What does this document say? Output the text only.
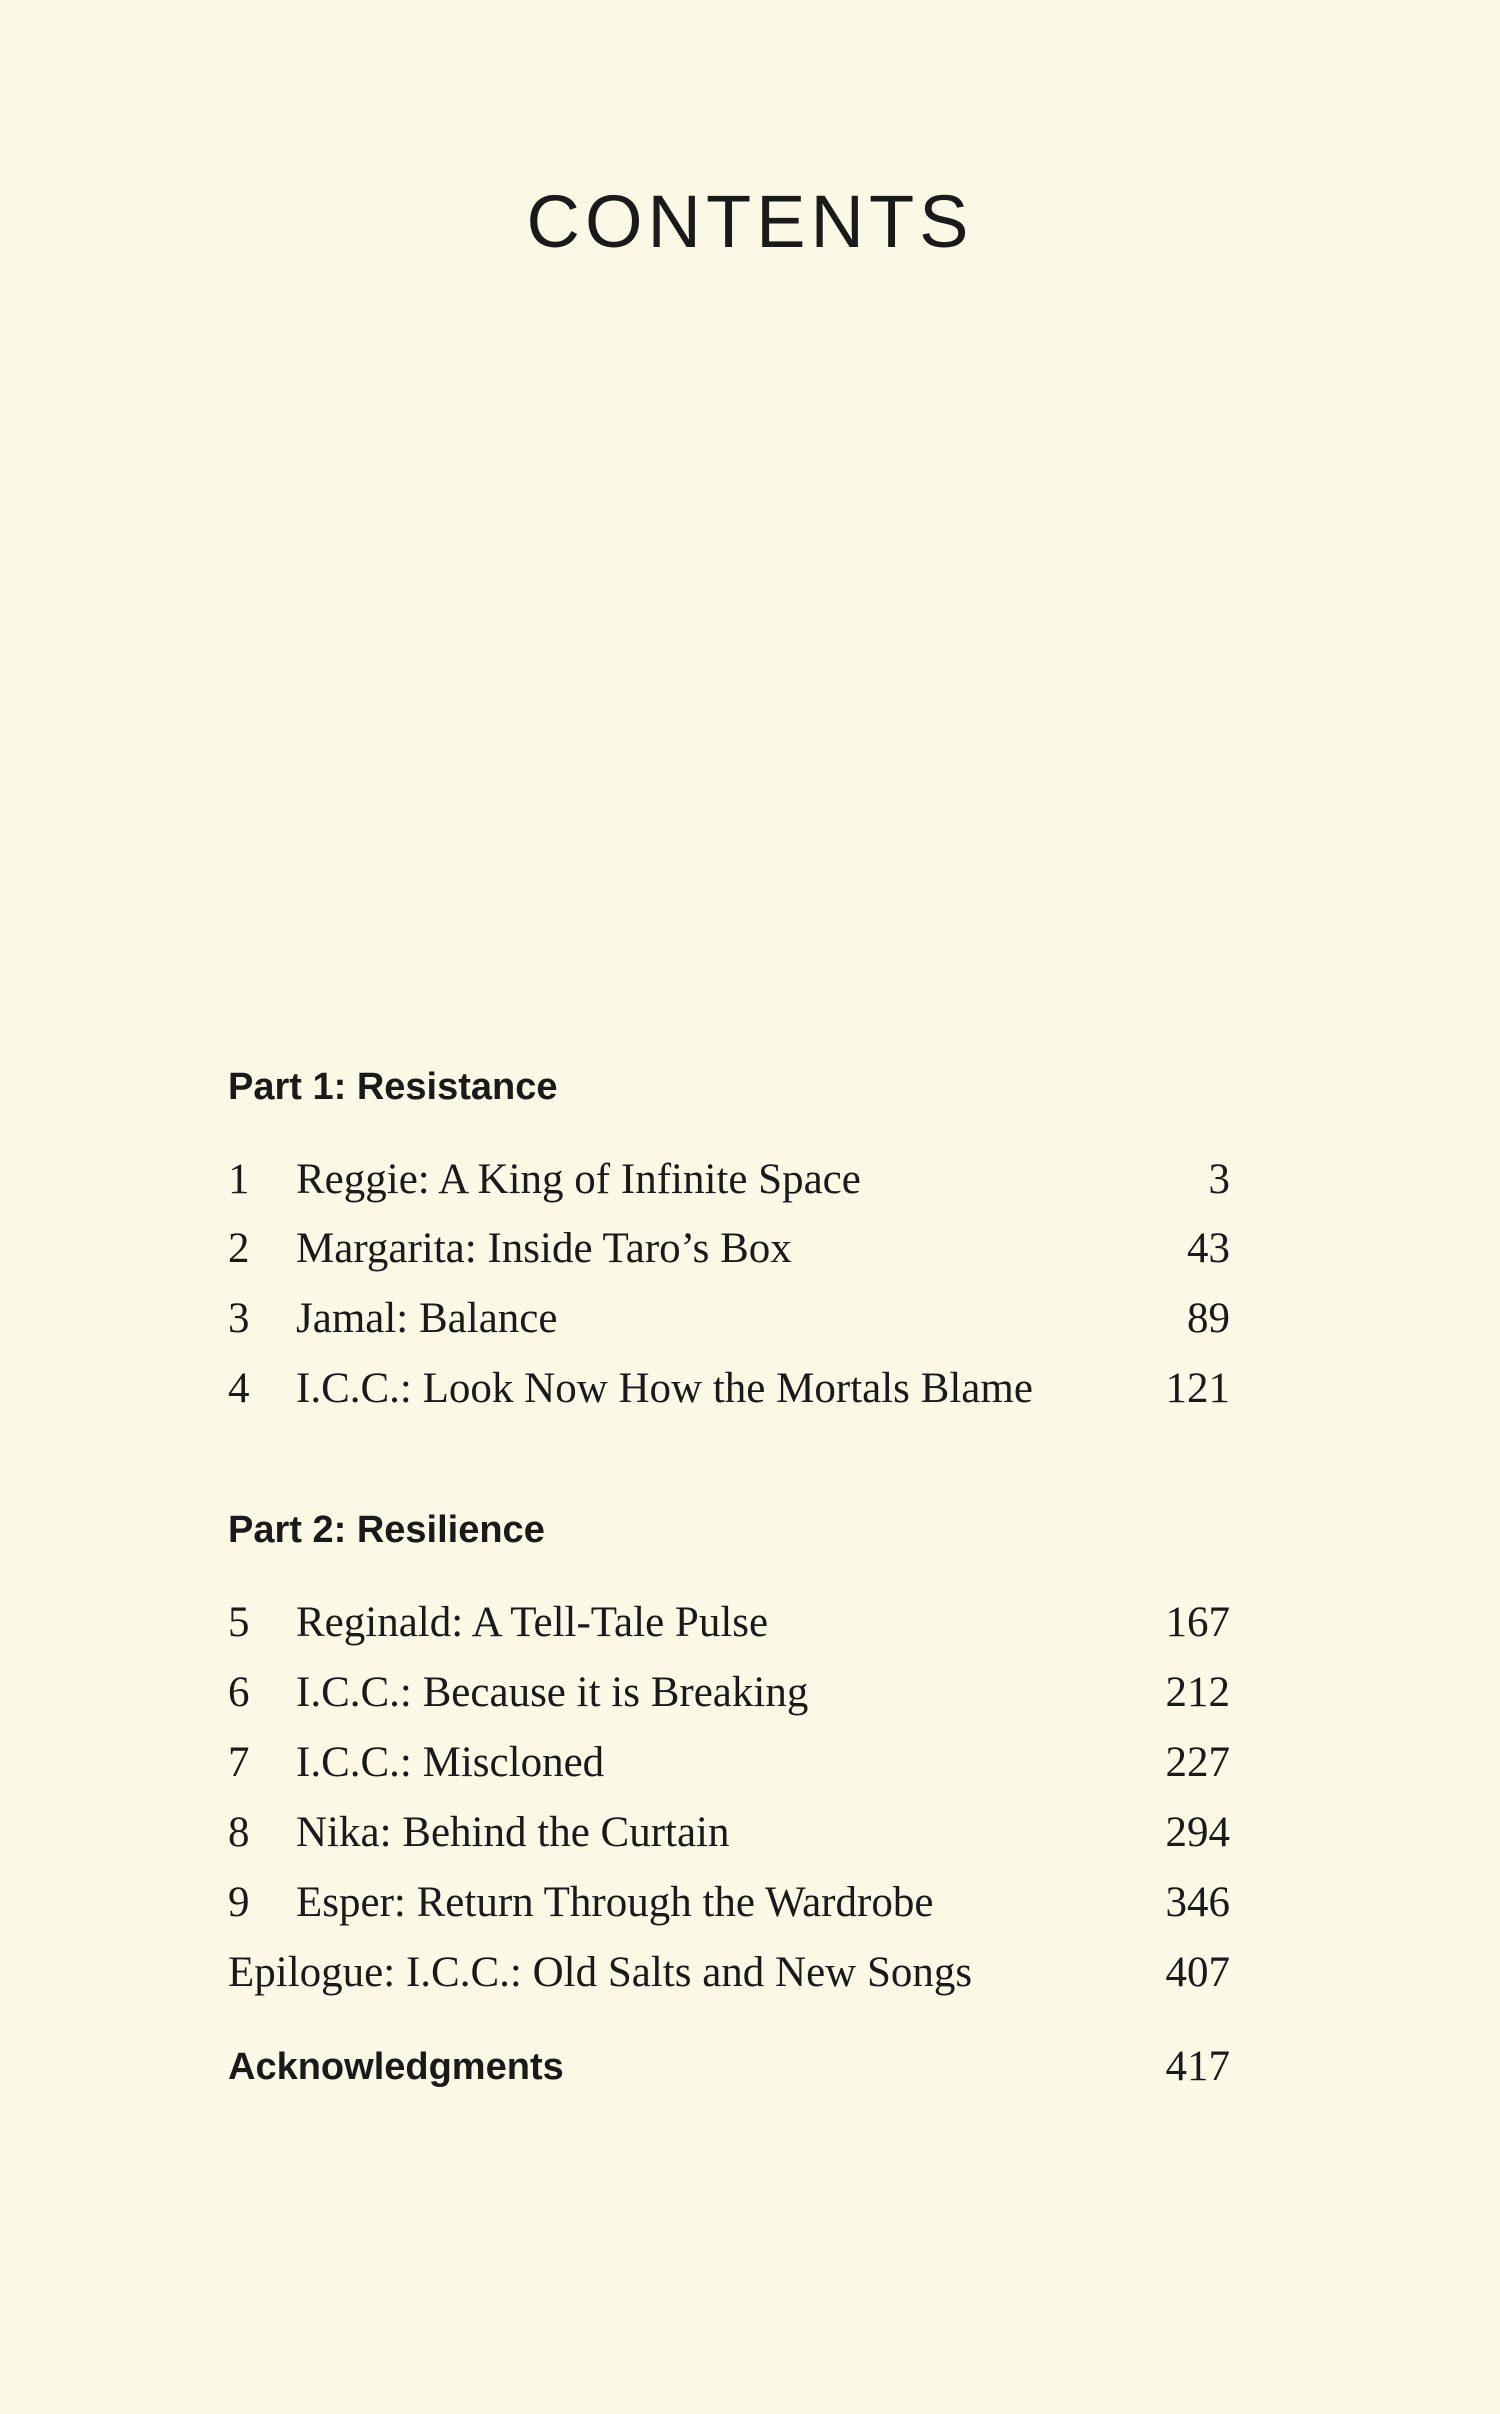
CONTENTS
Part 1: Resistance
1 Reggie: A King of Infinite Space	3
2 Margarita: Inside Taro’s Box	43
3 Jamal: Balance	89
4 I.C.C.: Look Now How the Mortals Blame	121
Part 2: Resilience
5 Reginald: A Tell-Tale Pulse	167
6 I.C.C.: Because it is Breaking	212
7 I.C.C.: Miscloned	227
8 Nika: Behind the Curtain	294
9 Esper: Return Through the Wardrobe	346
Epilogue: I.C.C.: Old Salts and New Songs	407
Acknowledgments	417
